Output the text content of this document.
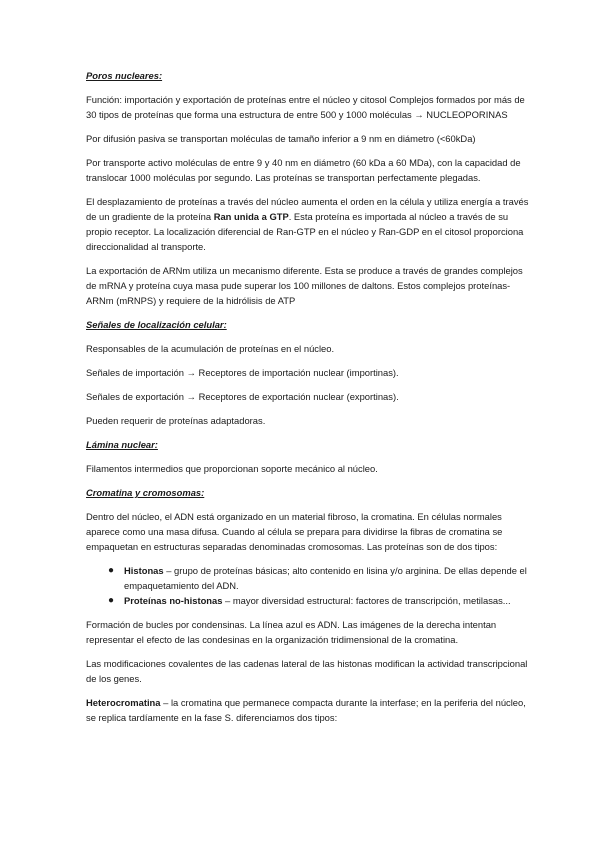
Poros nucleares:

Función: importación y exportación de proteínas entre el núcleo y citosol Complejos formados por más de 30 tipos de proteínas que forma una estructura de entre 500 y 1000 moléculas → NUCLEOPORINAS

Por difusión pasiva se transportan moléculas de tamaño inferior a 9 nm en diámetro (<60kDa)

Por transporte activo moléculas de entre 9 y 40 nm en diámetro (60 kDa a 60 MDa), con la capacidad de translocar 1000 moléculas por segundo. Las proteínas se transportan perfectamente plegadas.

El desplazamiento de proteínas a través del núcleo aumenta el orden en la célula y utiliza energía a través de un gradiente de la proteína Ran unida a GTP. Esta proteína es importada al núcleo a través de su propio receptor. La localización diferencial de Ran-GTP en el núcleo y Ran-GDP en el citosol proporciona direccionalidad al transporte.

La exportación de ARNm utiliza un mecanismo diferente. Esta se produce a través de grandes complejos de mRNA y proteína cuya masa pude superar los 100 millones de daltons. Estos complejos proteínas-ARNm (mRNPS) y requiere de la hidrólisis de ATP

Señales de localización celular:

Responsables de la acumulación de proteínas en el núcleo.

Señales de importación → Receptores de importación nuclear (importinas).

Señales de exportación → Receptores de exportación nuclear (exportinas).

Pueden requerir de proteínas adaptadoras.

Lámina nuclear:

Filamentos intermedios que proporcionan soporte mecánico al núcleo.

Cromatina y cromosomas:

Dentro del núcleo, el ADN está organizado en un material fibroso, la cromatina. En células normales aparece como una masa difusa. Cuando al célula se prepara para dividirse la fibras de cromatina se empaquetan en estructuras separadas denominadas cromosomas. Las proteínas son de dos tipos:

● Histonas – grupo de proteínas básicas; alto contenido en lisina y/o arginina. De ellas depende el empaquetamiento del ADN.
● Proteínas no-histonas – mayor diversidad estructural: factores de transcripción, metilasas...

Formación de bucles por condensinas. La línea azul es ADN. Las imágenes de la derecha intentan representar el efecto de las condesinas en la organización tridimensional de la cromatina.

Las modificaciones covalentes de las cadenas lateral de las histonas modifican la actividad transcripcional de los genes.

Heterocromatina – la cromatina que permanece compacta durante la interfase; en la periferia del núcleo, se replica tardíamente en la fase S. diferenciamos dos tipos:
